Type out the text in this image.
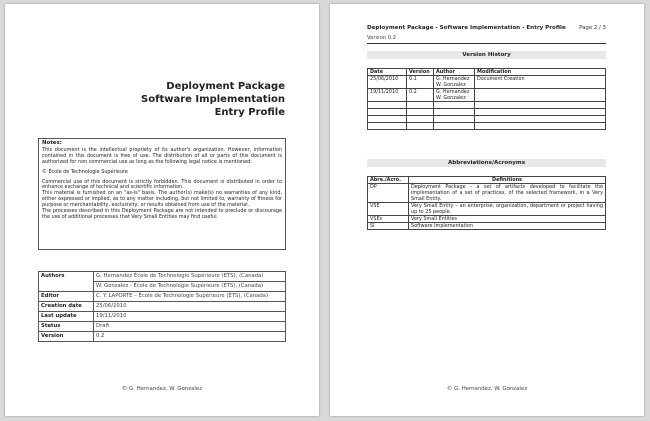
Deployment Package
Software Implementation
Entry Profile
Notes:

This document is the intellectual propriety of its author's organization. However, information contained in this document is free of use. The distribution of all or parts of this document is authorized for non commercial use as long as the following legal notice is mentioned:

© École de Technologie Supérieure

Commercial use of this document is strictly forbidden. This document is distributed in order to enhance exchange of technical and scientific information.

This material is furnished on an "as-is" basis. The author(s) make(s) no warranties of any kind, either expressed or implied, as to any matter including, but not limited to, warranty of fitness for purpose or merchantability, exclusivity, or results obtained from use of the material.

The processes described in this Deployment Package are not intended to preclude or discourage the use of additional processes that Very Small Entities may find useful.

Authors	G. Hernandez École de Technologie Supérieure (ETS), (Canada)
	W. Gonzalez - École de Technologie Supérieure (ETS), (Canada)
Editor	C. Y. LAPORTE – École de Technologie Supérieure (ETS), (Canada)
Creation date	25/06/2010
Last update	19/11/2010
Status	Draft
Version	0.2
© G. Hernandez, W. Gonzalez
Deployment Package - Software Implementation - Entry Profile Page 2 / 3
Version 0.2
Version History
Date	Version	Author	Modification
25/06/2010	0.1	G. Hernandez W. Gonzalez	Document Creation
19/11/2010	0.2	G. Hernandez W. Gonzalez	

Abbreviations/Acronyms
Abre./Acro.	Definitions
DP	Deployment Package - a set of artifacts developed to facilitate the implementation of a set of practices, of the selected framework, in a Very Small Entity.
VSE	Very Small Entity – an enterprise, organization, department or project having up to 25 people.
VSEs	Very Small Entities
SI	Software Implementation
© G. Hernandez, W. Gonzalez
